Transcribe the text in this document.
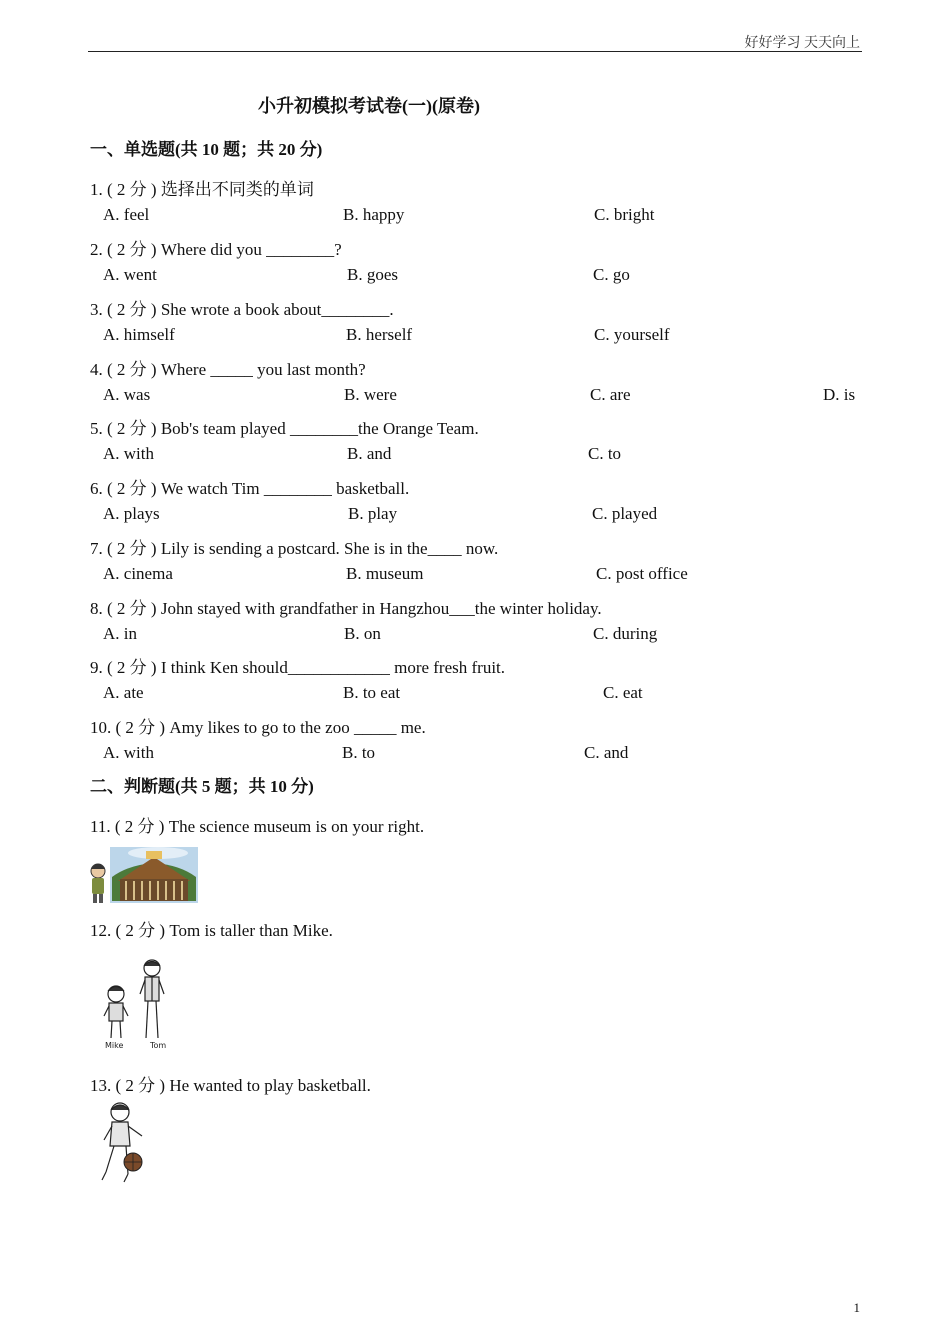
好好学习 天天向上
小升初模拟考试卷(一)(原卷)
一、单选题(共 10 题；共 20 分)
1. ( 2 分 ) 选择出不同类的单词
A. feel	B. happy	C. bright
2. ( 2 分 ) Where did you ________?
A. went	B. goes	C. go
3. ( 2 分 ) She wrote a book about________.
A. himself	B. herself	C. yourself
4. ( 2 分 ) Where _____ you last month?
A. was	B. were	C. are	D. is
5. ( 2 分 ) Bob's team played ________the Orange Team.
A. with	B. and	C. to
6. ( 2 分 ) We watch Tim ________ basketball.
A. plays	B. play	C. played
7. ( 2 分 ) Lily is sending a postcard. She is in the____ now.
A. cinema	B. museum	C. post office
8. ( 2 分 ) John stayed with grandfather in Hangzhou___the winter holiday.
A. in	B. on	C. during
9. ( 2 分 ) I think Ken should____________ more fresh fruit.
A. ate	B. to eat	C. eat
10. ( 2 分 ) Amy likes to go to the zoo _____ me.
A. with	B. to	C. and
二、判断题(共 5 题；共 10 分)
11. ( 2 分 ) The science museum is on your right.
12. ( 2 分 ) Tom is taller than Mike.
Mike	Tom
13. ( 2 分 ) He wanted to play basketball.
1
